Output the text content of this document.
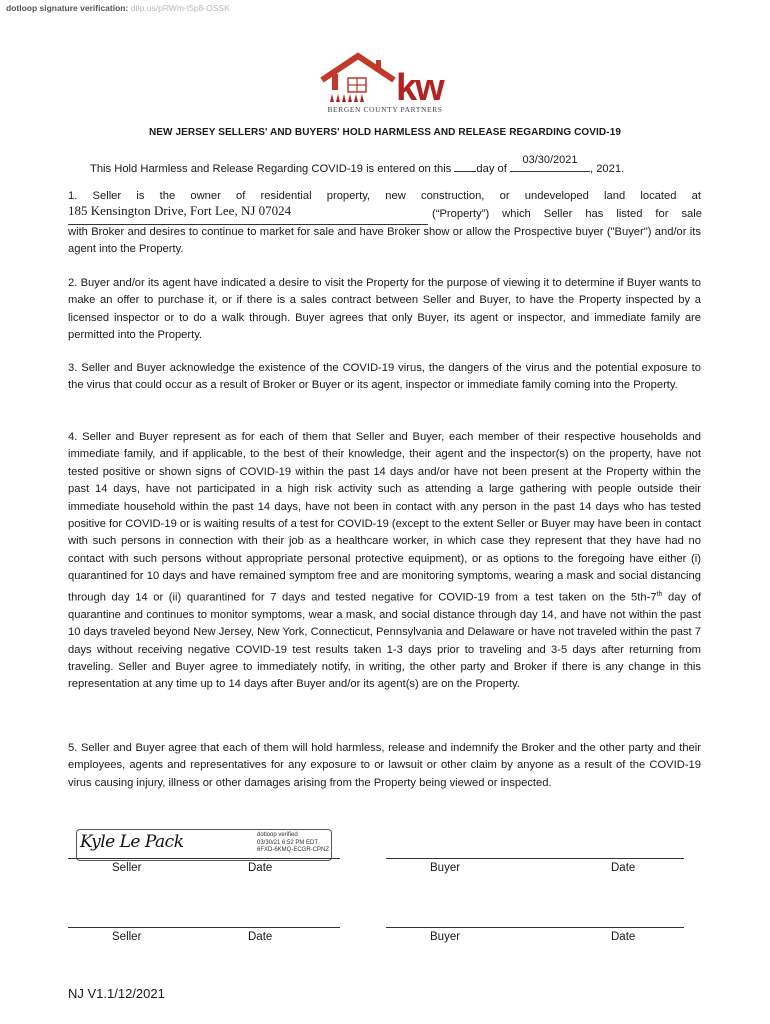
dotloop signature verification: dtlp.us/pRWm-t5p8-OSSK
kw
BERGEN COUNTY PARTNERS
NEW JERSEY SELLERS' AND BUYERS' HOLD HARMLESS AND RELEASE REGARDING COVID-19
This Hold Harmless and Release Regarding COVID-19 is entered on this day of
03/30/2021
, 2021.

1. Seller is the owner of residential property, new construction, or undeveloped land located at

185 Kensington Drive, Fort Lee, NJ 07024	(“Property”) which Seller has listed for sale

with Broker and desires to continue to market for sale and have Broker show or allow the Prospective buyer ("Buyer") and/or its agent into the Property.

2. Buyer and/or its agent have indicated a desire to visit the Property for the purpose of viewing it to determine if Buyer wants to make an offer to purchase it, or if there is a sales contract between Seller and Buyer, to have the Property inspected by a licensed inspector or to do a walk through. Buyer agrees that only Buyer, its agent or inspector, and immediate family are permitted into the Property.

3. Seller and Buyer acknowledge the existence of the COVID-19 virus, the dangers of the virus and the potential exposure to the virus that could occur as a result of Broker or Buyer or its agent, inspector or immediate family coming into the Property.

4. Seller and Buyer represent as for each of them that Seller and Buyer, each member of their respective households and immediate family, and if applicable, to the best of their knowledge, their agent and the inspector(s) on the property, have not tested positive or shown signs of COVID-19 within the past 14 days and/or have not been present at the Property within the past 14 days, have not participated in a high risk activity such as attending a large gathering with people outside their immediate household within the past 14 days, have not been in contact with any person in the past 14 days who has tested positive for COVID-19 or is waiting results of a test for COVID-19 (except to the extent Seller or Buyer may have been in contact with such persons in connection with their job as a healthcare worker, in which case they represent that they have had no contact with such persons without appropriate personal protective equipment), or as options to the foregoing have either (i) quarantined for 10 days and have remained symptom free and are monitoring symptoms, wearing a mask and social distancing through day 14 or (ii) quarantined for 7 days and tested negative for COVID-19 from a test taken on the 5th-7th day of quarantine and continues to monitor symptoms, wear a mask, and social distance through day 14, and have not within the past 10 days traveled beyond New Jersey, New York, Connecticut, Pennsylvania and Delaware or have not traveled within the past 7 days without receiving negative COVID-19 test results taken 1-3 days prior to traveling and 3-5 days after returning from traveling. Seller and Buyer agree to immediately notify, in writing, the other party and Broker if there is any change in this representation at any time up to 14 days after Buyer and/or its agent(s) are on the Property.

5. Seller and Buyer agree that each of them will hold harmless, release and indemnify the Broker and the other party and their employees, agents and representatives for any exposure to or lawsuit or other claim by anyone as a result of the COVID-19 virus causing injury, illness or other damages arising from the Property being viewed or inspected.

Kyle Le Pack	dotloop verified
03/30/21 6:52 PM EDT
6FXD-6KMQ-ECGR-CPNZ
Seller	Date	Buyer	Date
Seller	Date	Buyer	Date
NJ V1.1/12/2021
